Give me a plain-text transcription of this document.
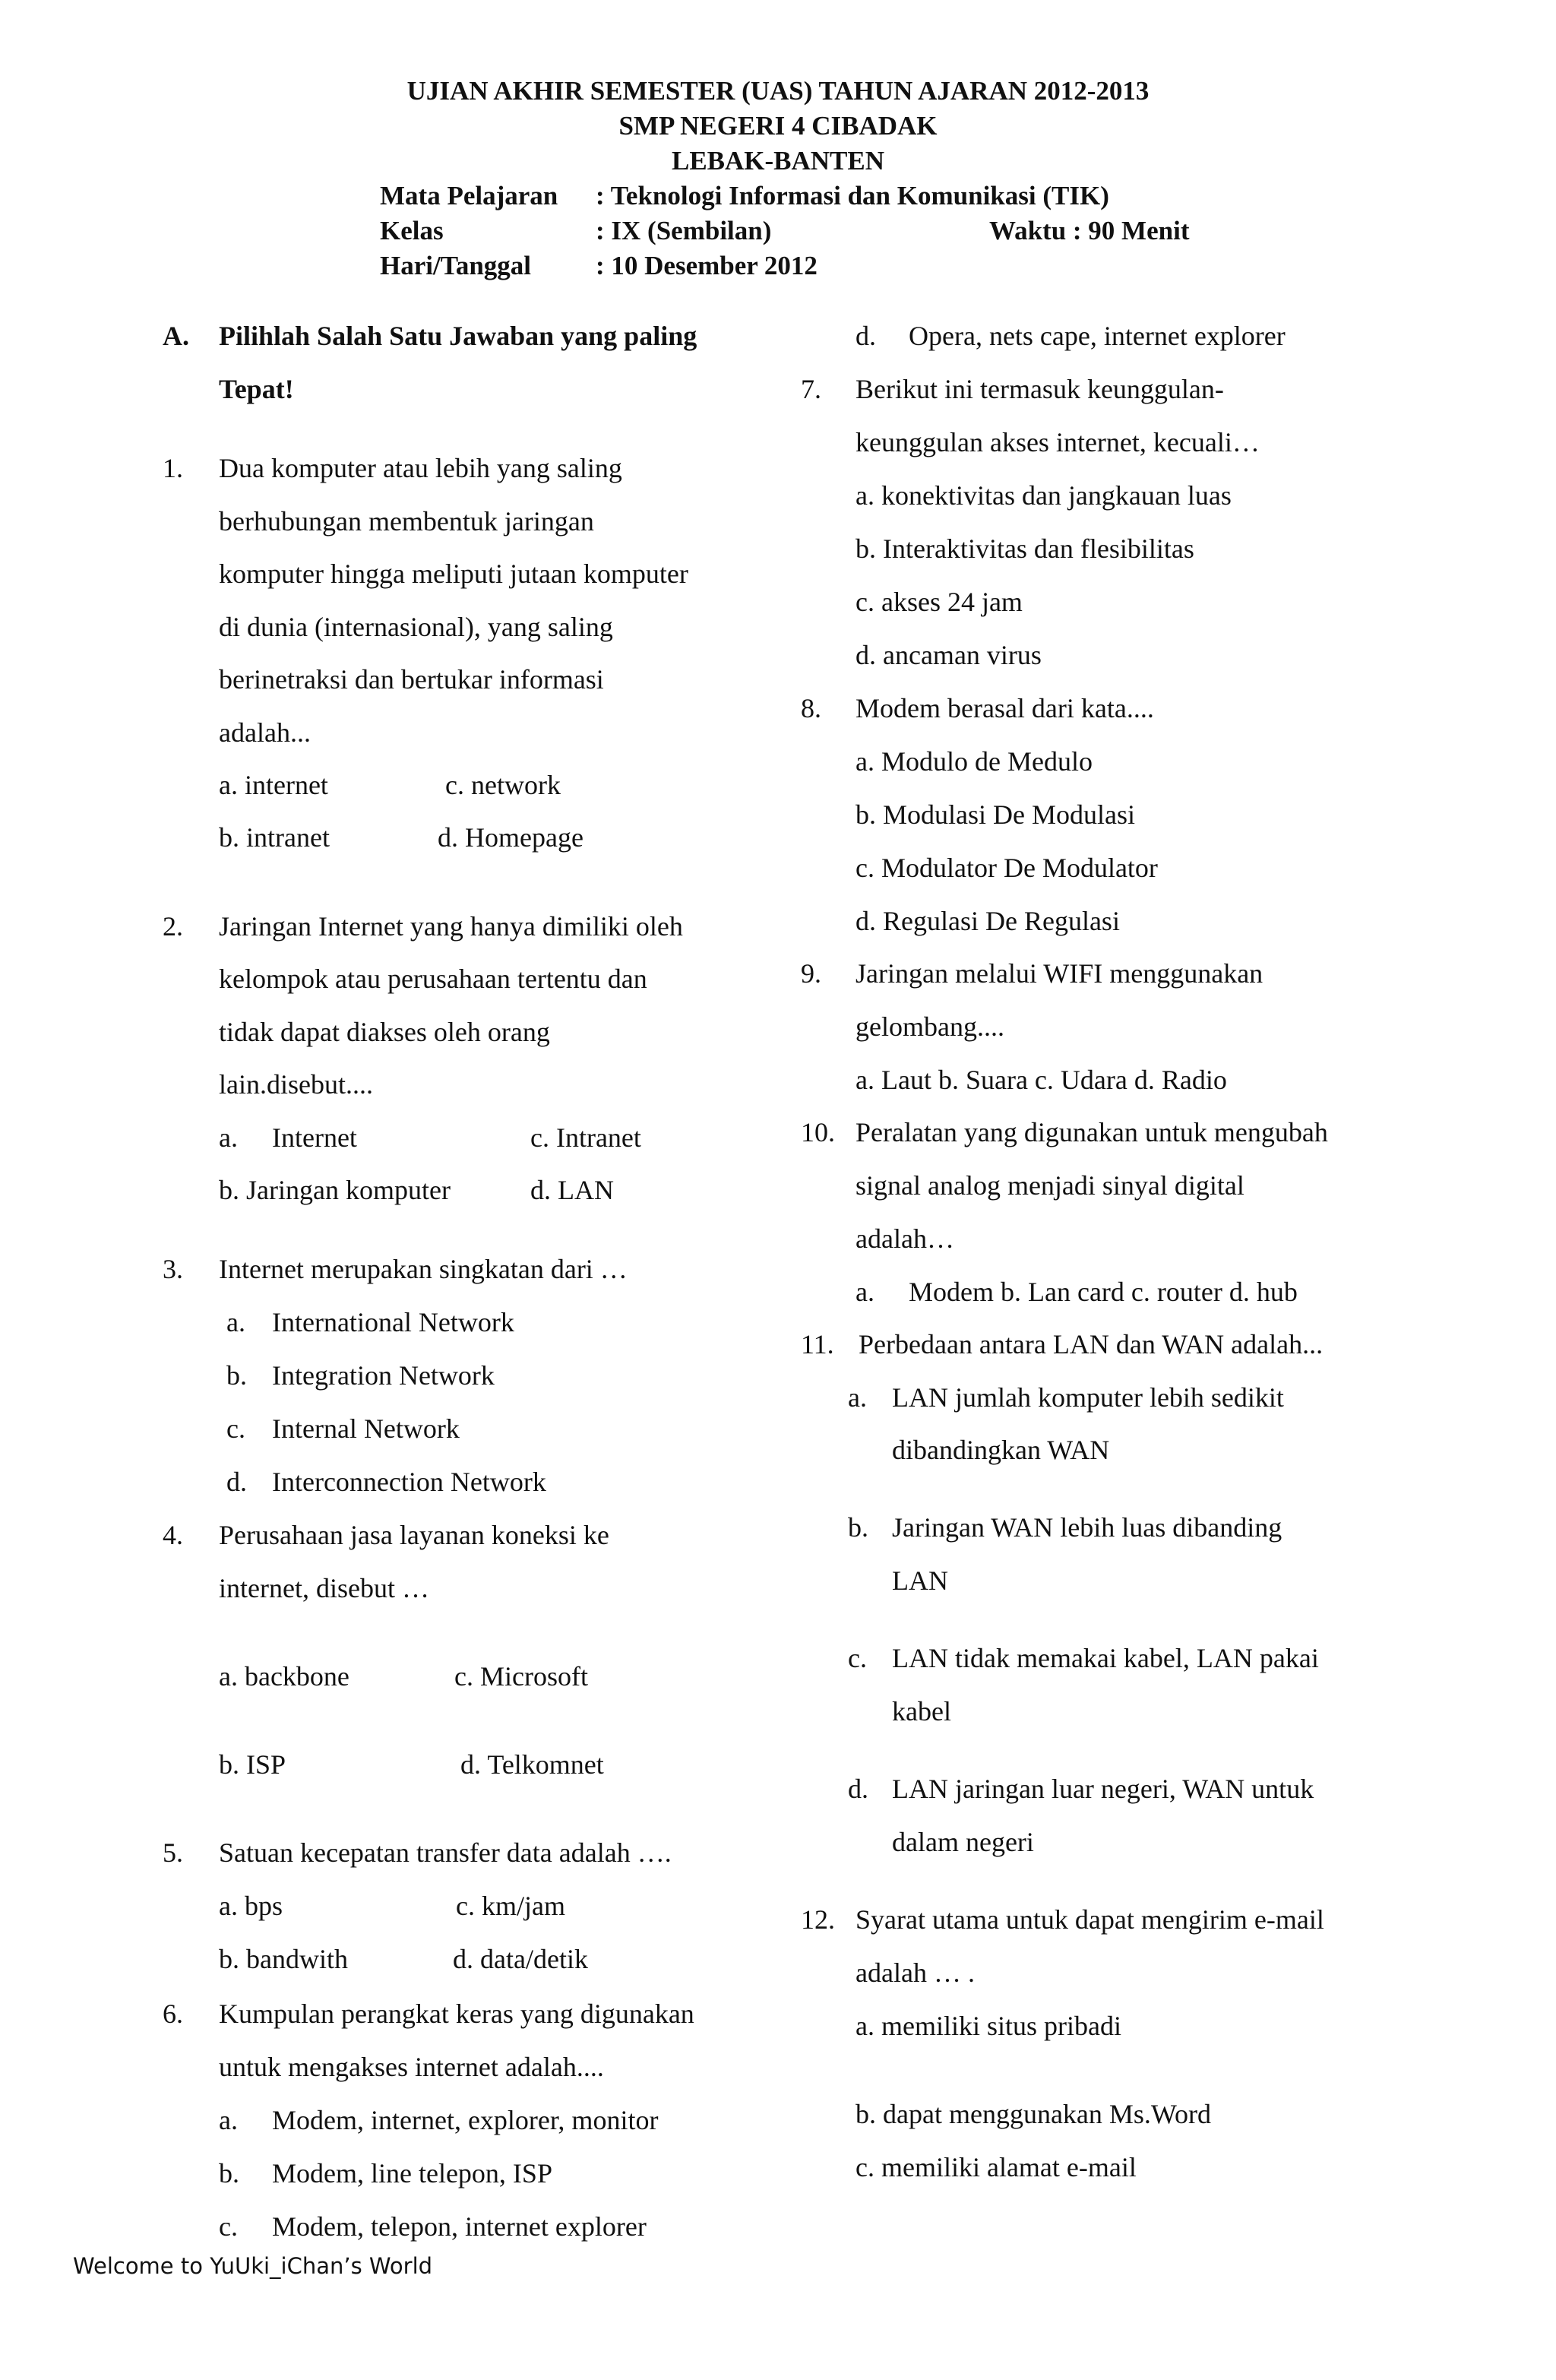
UJIAN AKHIR SEMESTER (UAS) TAHUN AJARAN 2012-2013
SMP NEGERI 4 CIBADAK
LEBAK-BANTEN
Mata Pelajaran : Teknologi Informasi dan Komunikasi (TIK)
Kelas	: IX (Sembilan)	Waktu : 90 Menit
Hari/Tanggal : 10 Desember 2012
A. Pilihlah Salah Satu Jawaban yang paling
Tepat!
1. Dua komputer atau lebih yang saling
berhubungan membentuk jaringan
komputer hingga meliputi jutaan komputer
di dunia (internasional), yang saling
berinetraksi dan bertukar informasi
adalah...
a. internet	c. network
b. intranet	d. Homepage
2. Jaringan Internet yang hanya dimiliki oleh
kelompok atau perusahaan tertentu dan
tidak dapat diakses oleh orang
lain.disebut....
a. Internet	c. Intranet
b. Jaringan komputer	d. LAN
3. Internet merupakan singkatan dari …
a. International Network
b. Integration Network
c. Internal Network
d. Interconnection Network
4. Perusahaan jasa layanan koneksi ke
internet, disebut …
a. backbone	c. Microsoft
b. ISP	d. Telkomnet
5. Satuan kecepatan transfer data adalah ….
a. bps	c. km/jam
b. bandwith	d. data/detik
6. Kumpulan perangkat keras yang digunakan
untuk mengakses internet adalah....
a. Modem, internet, explorer, monitor
b. Modem, line telepon, ISP
c. Modem, telepon, internet explorer
d. Opera, nets cape, internet explorer
7. Berikut ini termasuk keunggulan-
keunggulan akses internet, kecuali…
a. konektivitas dan jangkauan luas
b. Interaktivitas dan flesibilitas
c. akses 24 jam
d. ancaman virus
8. Modem berasal dari kata....
a. Modulo de Medulo
b. Modulasi De Modulasi
c. Modulator De Modulator
d. Regulasi De Regulasi
9. Jaringan melalui WIFI menggunakan
gelombang....
a. Laut b. Suara c. Udara d. Radio
10. Peralatan yang digunakan untuk mengubah
signal analog menjadi sinyal digital
adalah…
a. Modem b. Lan card c. router d. hub
11. Perbedaan antara LAN dan WAN adalah...
a. LAN jumlah komputer lebih sedikit
dibandingkan WAN
b. Jaringan WAN lebih luas dibanding
LAN
c. LAN tidak memakai kabel, LAN pakai
kabel
d. LAN jaringan luar negeri, WAN untuk
dalam negeri
12. Syarat utama untuk dapat mengirim e-mail
adalah … .
a. memiliki situs pribadi
b. dapat menggunakan Ms.Word
c. memiliki alamat e-mail
Welcome to YuUki_iChan’s World
